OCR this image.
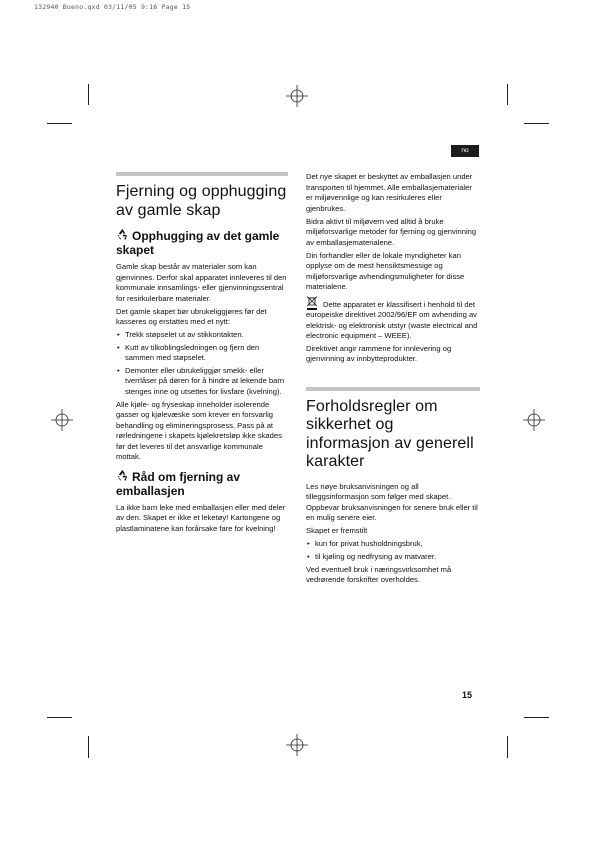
132940 Bueno.qxd 03/11/05 9:16 Page 15
no
Fjerning og opphugging av gamle skap
Opphugging av det gamle skapet

Gamle skap består av materialer som kan gjenvinnes. Derfor skal apparatet innleveres til den kommunale innsamlings- eller gjenvinningssentral for resirkulerbare materialer.

Det gamle skapet bør ubrukeliggjøres før det kasseres og erstattes med et nytt:

• Trekk støpselet ut av stikkontakten.
• Kutt av tilkoblingsledningen og fjern den sammen med støpselet.
• Demonter eller ubrukeliggjør smekk- eller tverrlåser på døren for å hindre at lekende barn stenges inne og utsettes for livsfare (kvelning).

Alle kjøle- og fryseskap inneholder isolerende gasser og kjølevæske som krever en forsvarlig behandling og elimineringsprosess. Pass på at rørledningene i skapets kjølekretsløp ikke skades før det leveres til det ansvarlige kommunale mottak.

Råd om fjerning av emballasjen

La ikke barn leke med emballasjen eller med deler av den. Skapet er ikke et leketøy! Kartongene og plastlaminatene kan forårsake fare for kvelning!

Det nye skapet er beskyttet av emballasjen under transporten til hjemmet. Alle emballasjematerialer er miljøvennlige og kan resirkuleres eller gjenbrukes.

Bidra aktivt til miljøvern ved alltid å bruke miljøforsvarlige metoder for fjerning og gjenvinning av emballasjematerialene.

Din forhandler eller de lokale myndigheter kan opplyse om de mest hensiktsmessige og miljøforsvarlige avhendingsmuligheter for disse materialene.

Dette apparatet er klassifisert i henhold til det europeiske direktivet 2002/96/EF om avhending av elektrisk- og elektronisk utstyr (waste electrical and electronic equipment – WEEE).

Direktivet angir rammene for innlevering og gjenvinning av innbytteprodukter.

Forholdsregler om sikkerhet og informasjon av generell karakter

Les nøye bruksanvisningen og all tilleggsinformasjon som følger med skapet. Oppbevar bruksanvisningen for senere bruk eller til en mulig senere eier.

Skapet er fremstilt

• kun for privat husholdningsbruk,
• til kjøling og nedfrysing av matvarer.

Ved eventuell bruk i næringsvirksomhet må vedrørende forskrifter overholdes.

15
